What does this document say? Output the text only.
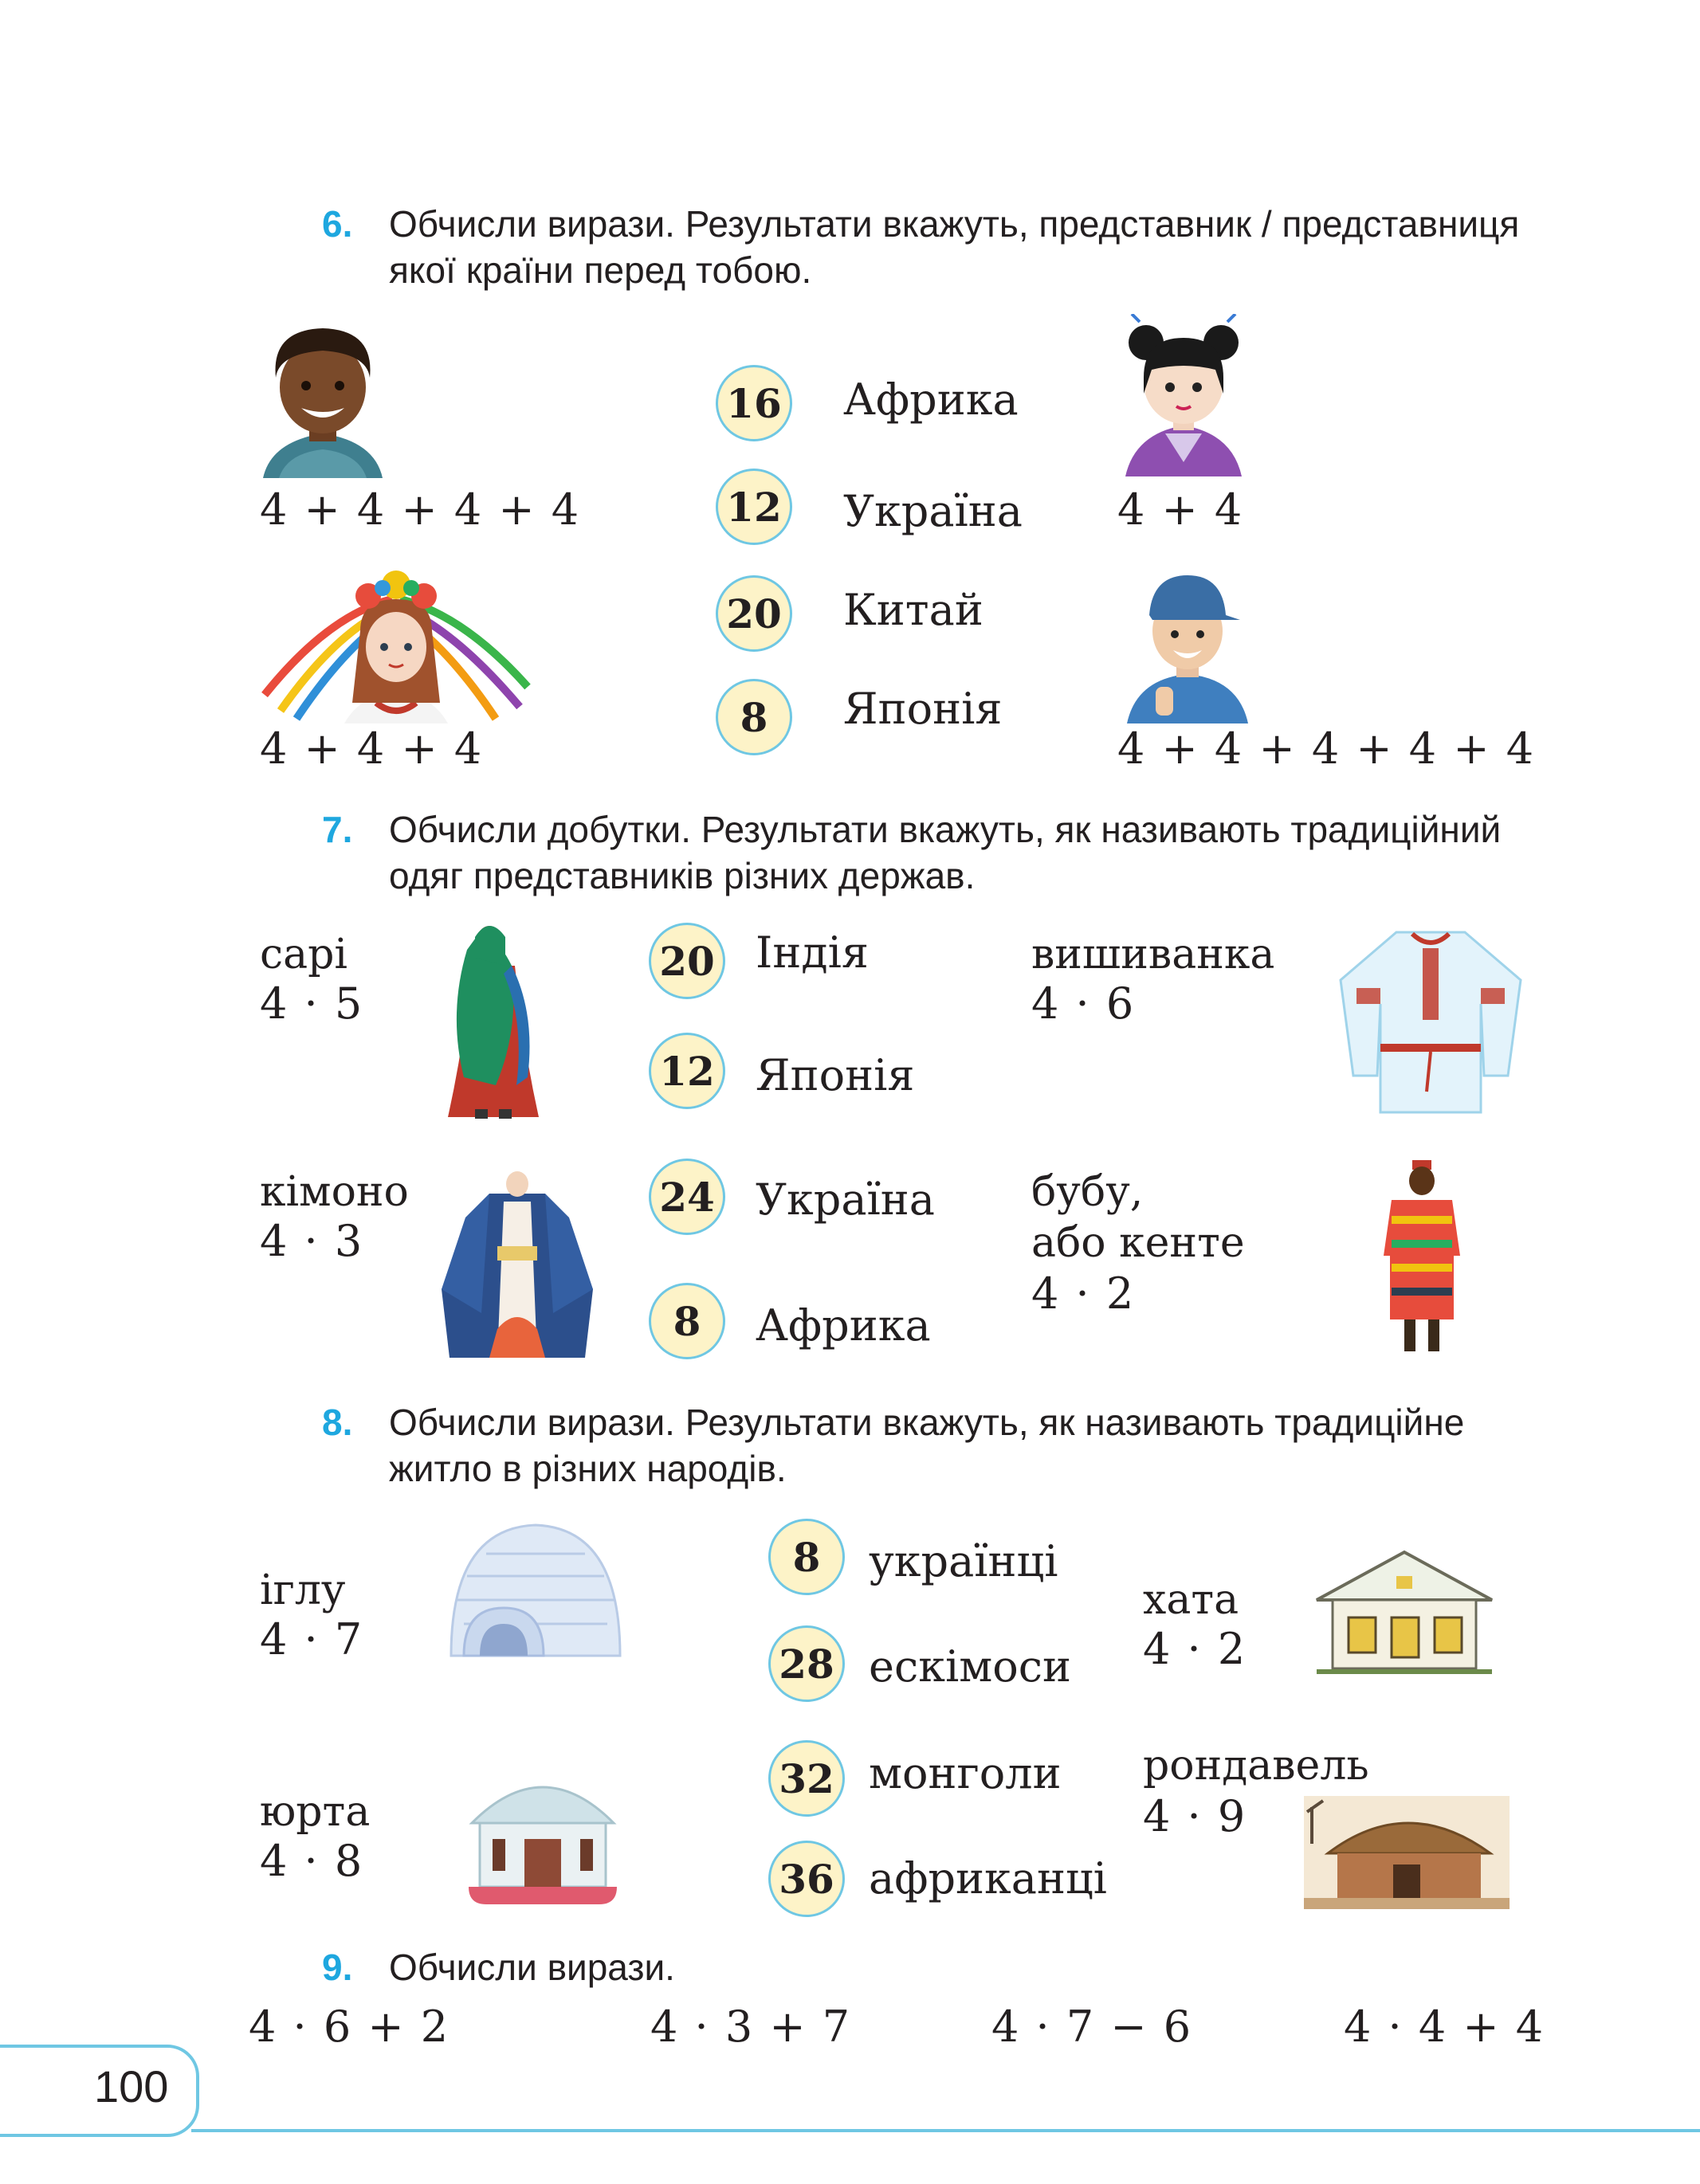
6. Обчисли вирази. Результати вкажуть, представник / представниця якої країни перед тобою.
4 + 4 + 4 + 4	4 + 4
4 + 4 + 4	4 + 4 + 4 + 4 + 4
16 Африка
12 Україна
20 Китай
8	Японія
7. Обчисли добутки. Результати вкажуть, як називають традиційний одяг представників різних держав.
сарі
4 · 5
вишиванка
4 · 6
20 Індія
12 Японія
24 Україна
8	Африка
кімоно
4 · 3
бубу,
або кенте
4 · 2
8. Обчисли вирази. Результати вкажуть, як називають традиційне житло в різних народів.
іглу
4 · 7
хата
4 · 2
8	українці
28 ескімоси
32 монголи
36 африканці
юрта
4 · 8
рондавель
4 · 9
9. Обчисли вирази.
4 · 6 + 2	4 · 3 + 7	4 · 7 − 6	4 · 4 + 4
100
